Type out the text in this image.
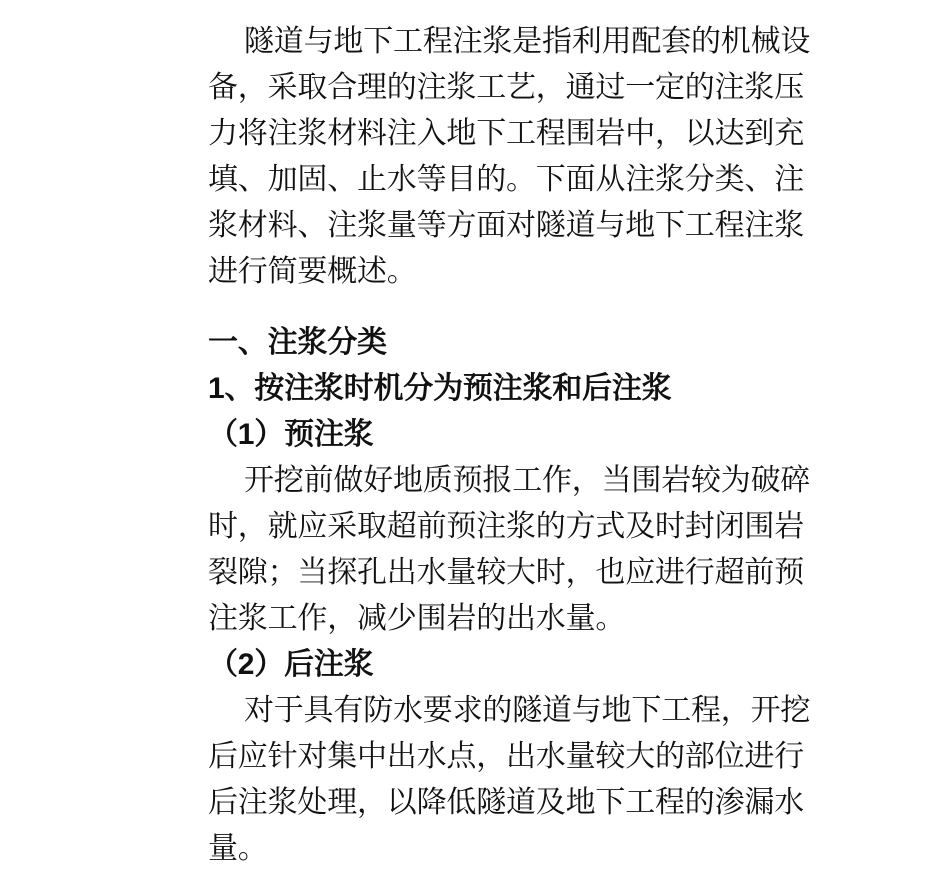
隧道与地下工程注浆是指利用配套的机械设
备，采取合理的注浆工艺，通过一定的注浆压
力将注浆材料注入地下工程围岩中，以达到充
填、加固、止水等目的。下面从注浆分类、注
浆材料、注浆量等方面对隧道与地下工程注浆
进行简要概述。
一、注浆分类
1、按注浆时机分为预注浆和后注浆
（1）预注浆
开挖前做好地质预报工作，当围岩较为破碎
时，就应采取超前预注浆的方式及时封闭围岩
裂隙；当探孔出水量较大时，也应进行超前预
注浆工作，减少围岩的出水量。
（2）后注浆
对于具有防水要求的隧道与地下工程，开挖
后应针对集中出水点，出水量较大的部位进行
后注浆处理，以降低隧道及地下工程的渗漏水
量。
